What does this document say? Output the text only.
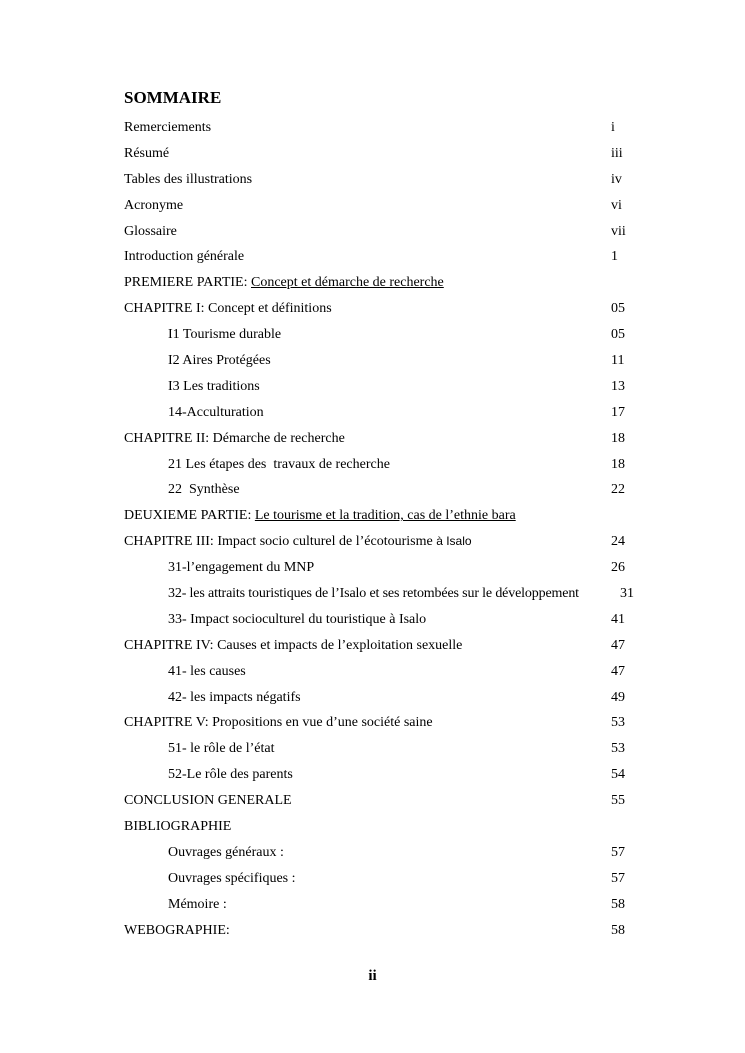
SOMMAIRE
Remerciements	i
Résumé	iii
Tables des illustrations	iv
Acronyme	vi
Glossaire	vii
Introduction générale	1
PREMIERE PARTIE: Concept et démarche de recherche
CHAPITRE I: Concept et définitions	05
I1 Tourisme durable	05
I2 Aires Protégées	11
I3 Les traditions	13
14-Acculturation	17
CHAPITRE II: Démarche de recherche	18
21 Les étapes des  travaux de recherche	18
22  Synthèse	22
DEUXIEME PARTIE: Le tourisme et la tradition, cas de l’ethnie bara
CHAPITRE III: Impact socio culturel de l’écotourisme à Isalo	24
31-l’engagement du MNP	26
32- les attraits touristiques de l’Isalo et ses retombées sur le développement	31
33- Impact socioculturel du touristique à Isalo	41
CHAPITRE IV: Causes et impacts de l’exploitation sexuelle	47
41- les causes	47
42- les impacts négatifs	49
CHAPITRE V: Propositions en vue d’une société saine	53
51- le rôle de l’état	53
52-Le rôle des parents	54
CONCLUSION GENERALE	55
BIBLIOGRAPHIE
Ouvrages généraux :	57
Ouvrages spécifiques :	57
Mémoire :	58
WEBOGRAPHIE:	58
ii
